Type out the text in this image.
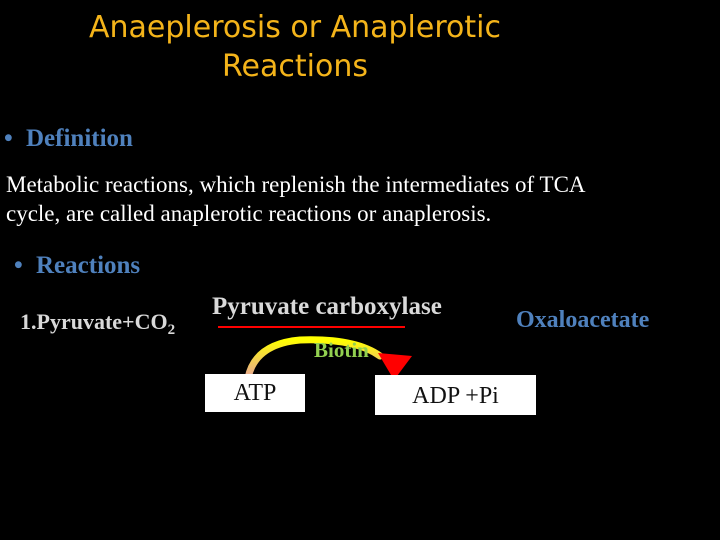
Anaeplerosis or Anaplerotic
Reactions
• Definition
Metabolic reactions, which replenish the intermediates of TCA
cycle, are called anaplerotic reactions or anaplerosis.
• Reactions
$1.Pyruvate+CO_2$
Pyruvate carboxylase	Oxaloacetate
Biotin
ATP	ADP +Pi
